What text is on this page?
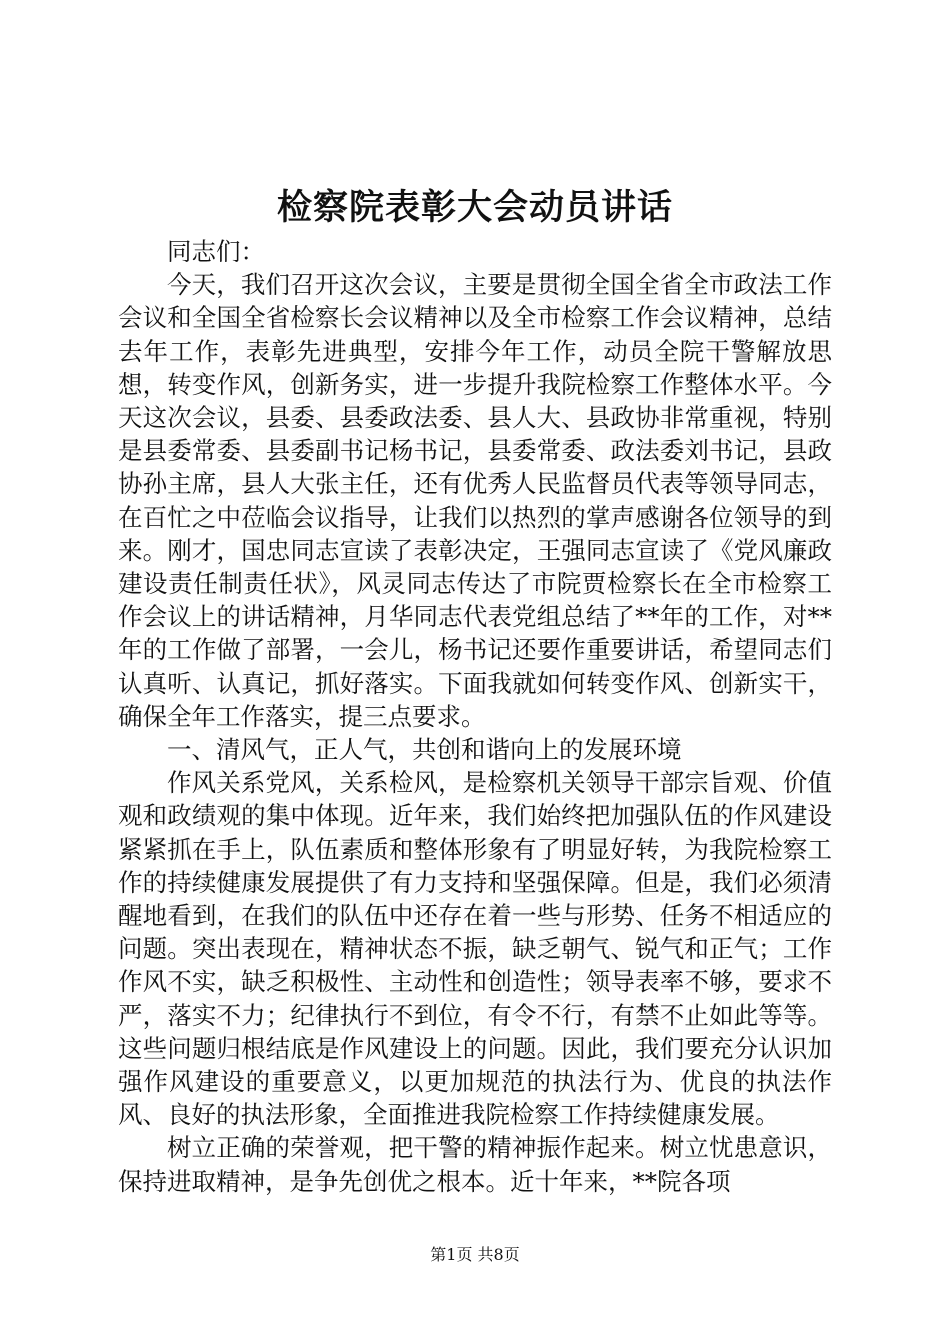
检察院表彰大会动员讲话

同志们：

今天，我们召开这次会议，主要是贯彻全国全省全市政法工作会议和全国全省检察长会议精神以及全市检察工作会议精神，总结去年工作，表彰先进典型，安排今年工作，动员全院干警解放思想，转变作风，创新务实，进一步提升我院检察工作整体水平。今天这次会议，县委、县委政法委、县人大、县政协非常重视，特别是县委常委、县委副书记杨书记，县委常委、政法委刘书记，县政协孙主席，县人大张主任，还有优秀人民监督员代表等领导同志，在百忙之中莅临会议指导，让我们以热烈的掌声感谢各位领导的到来。刚才，国忠同志宣读了表彰决定，王强同志宣读了《党风廉政建设责任制责任状》，风灵同志传达了市院贾检察长在全市检察工作会议上的讲话精神，月华同志代表党组总结了**年的工作，对**年的工作做了部署，一会儿，杨书记还要作重要讲话，希望同志们认真听、认真记，抓好落实。下面我就如何转变作风、创新实干，确保全年工作落实，提三点要求。

一、清风气，正人气，共创和谐向上的发展环境

作风关系党风，关系检风，是检察机关领导干部宗旨观、价值观和政绩观的集中体现。近年来，我们始终把加强队伍的作风建设紧紧抓在手上，队伍素质和整体形象有了明显好转，为我院检察工作的持续健康发展提供了有力支持和坚强保障。但是，我们必须清醒地看到，在我们的队伍中还存在着一些与形势、任务不相适应的问题。突出表现在，精神状态不振，缺乏朝气、锐气和正气；工作作风不实，缺乏积极性、主动性和创造性；领导表率不够，要求不严，落实不力；纪律执行不到位，有令不行，有禁不止如此等等。这些问题归根结底是作风建设上的问题。因此，我们要充分认识加强作风建设的重要意义，以更加规范的执法行为、优良的执法作风、良好的执法形象，全面推进我院检察工作持续健康发展。

树立正确的荣誉观，把干警的精神振作起来。树立忧患意识，保持进取精神，是争先创优之根本。近十年来，**院各项

第1页 共8页
